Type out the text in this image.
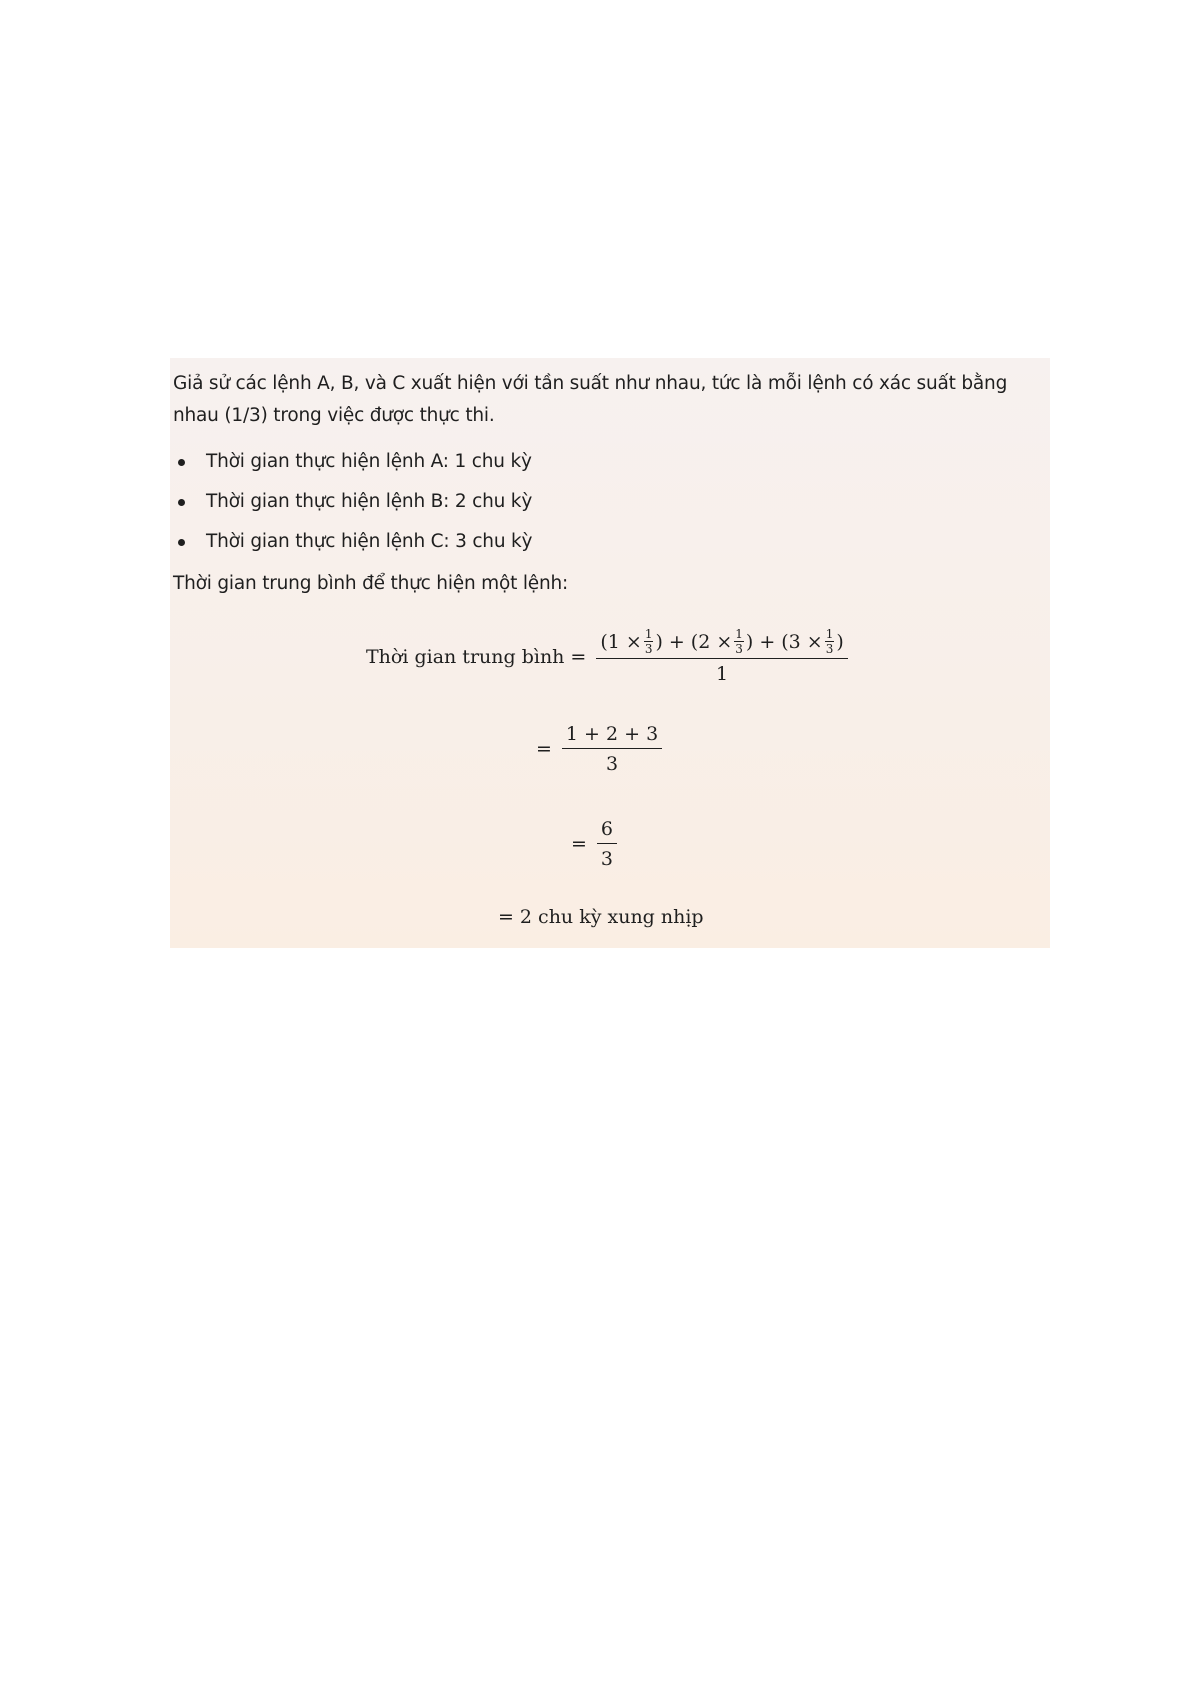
Giả sử các lệnh A, B, và C xuất hiện với tần suất như nhau, tức là mỗi lệnh có xác suất bằng nhau (1/3) trong việc được thực thi.
Thời gian thực hiện lệnh A: 1 chu kỳ
Thời gian thực hiện lệnh B: 2 chu kỳ
Thời gian thực hiện lệnh C: 3 chu kỳ
Thời gian trung bình để thực hiện một lệnh:
Thời gian trung bình =
($1 \times \frac{1}{3}$ ) + ($2 \times \frac{1}{3}$ ) + ($3 \times \frac{1}{3}$ )
1
= $\frac{1 + 2 + 3}{3}$
= $\frac{6}{3}$
= 2 chu kỳ xung nhịp
